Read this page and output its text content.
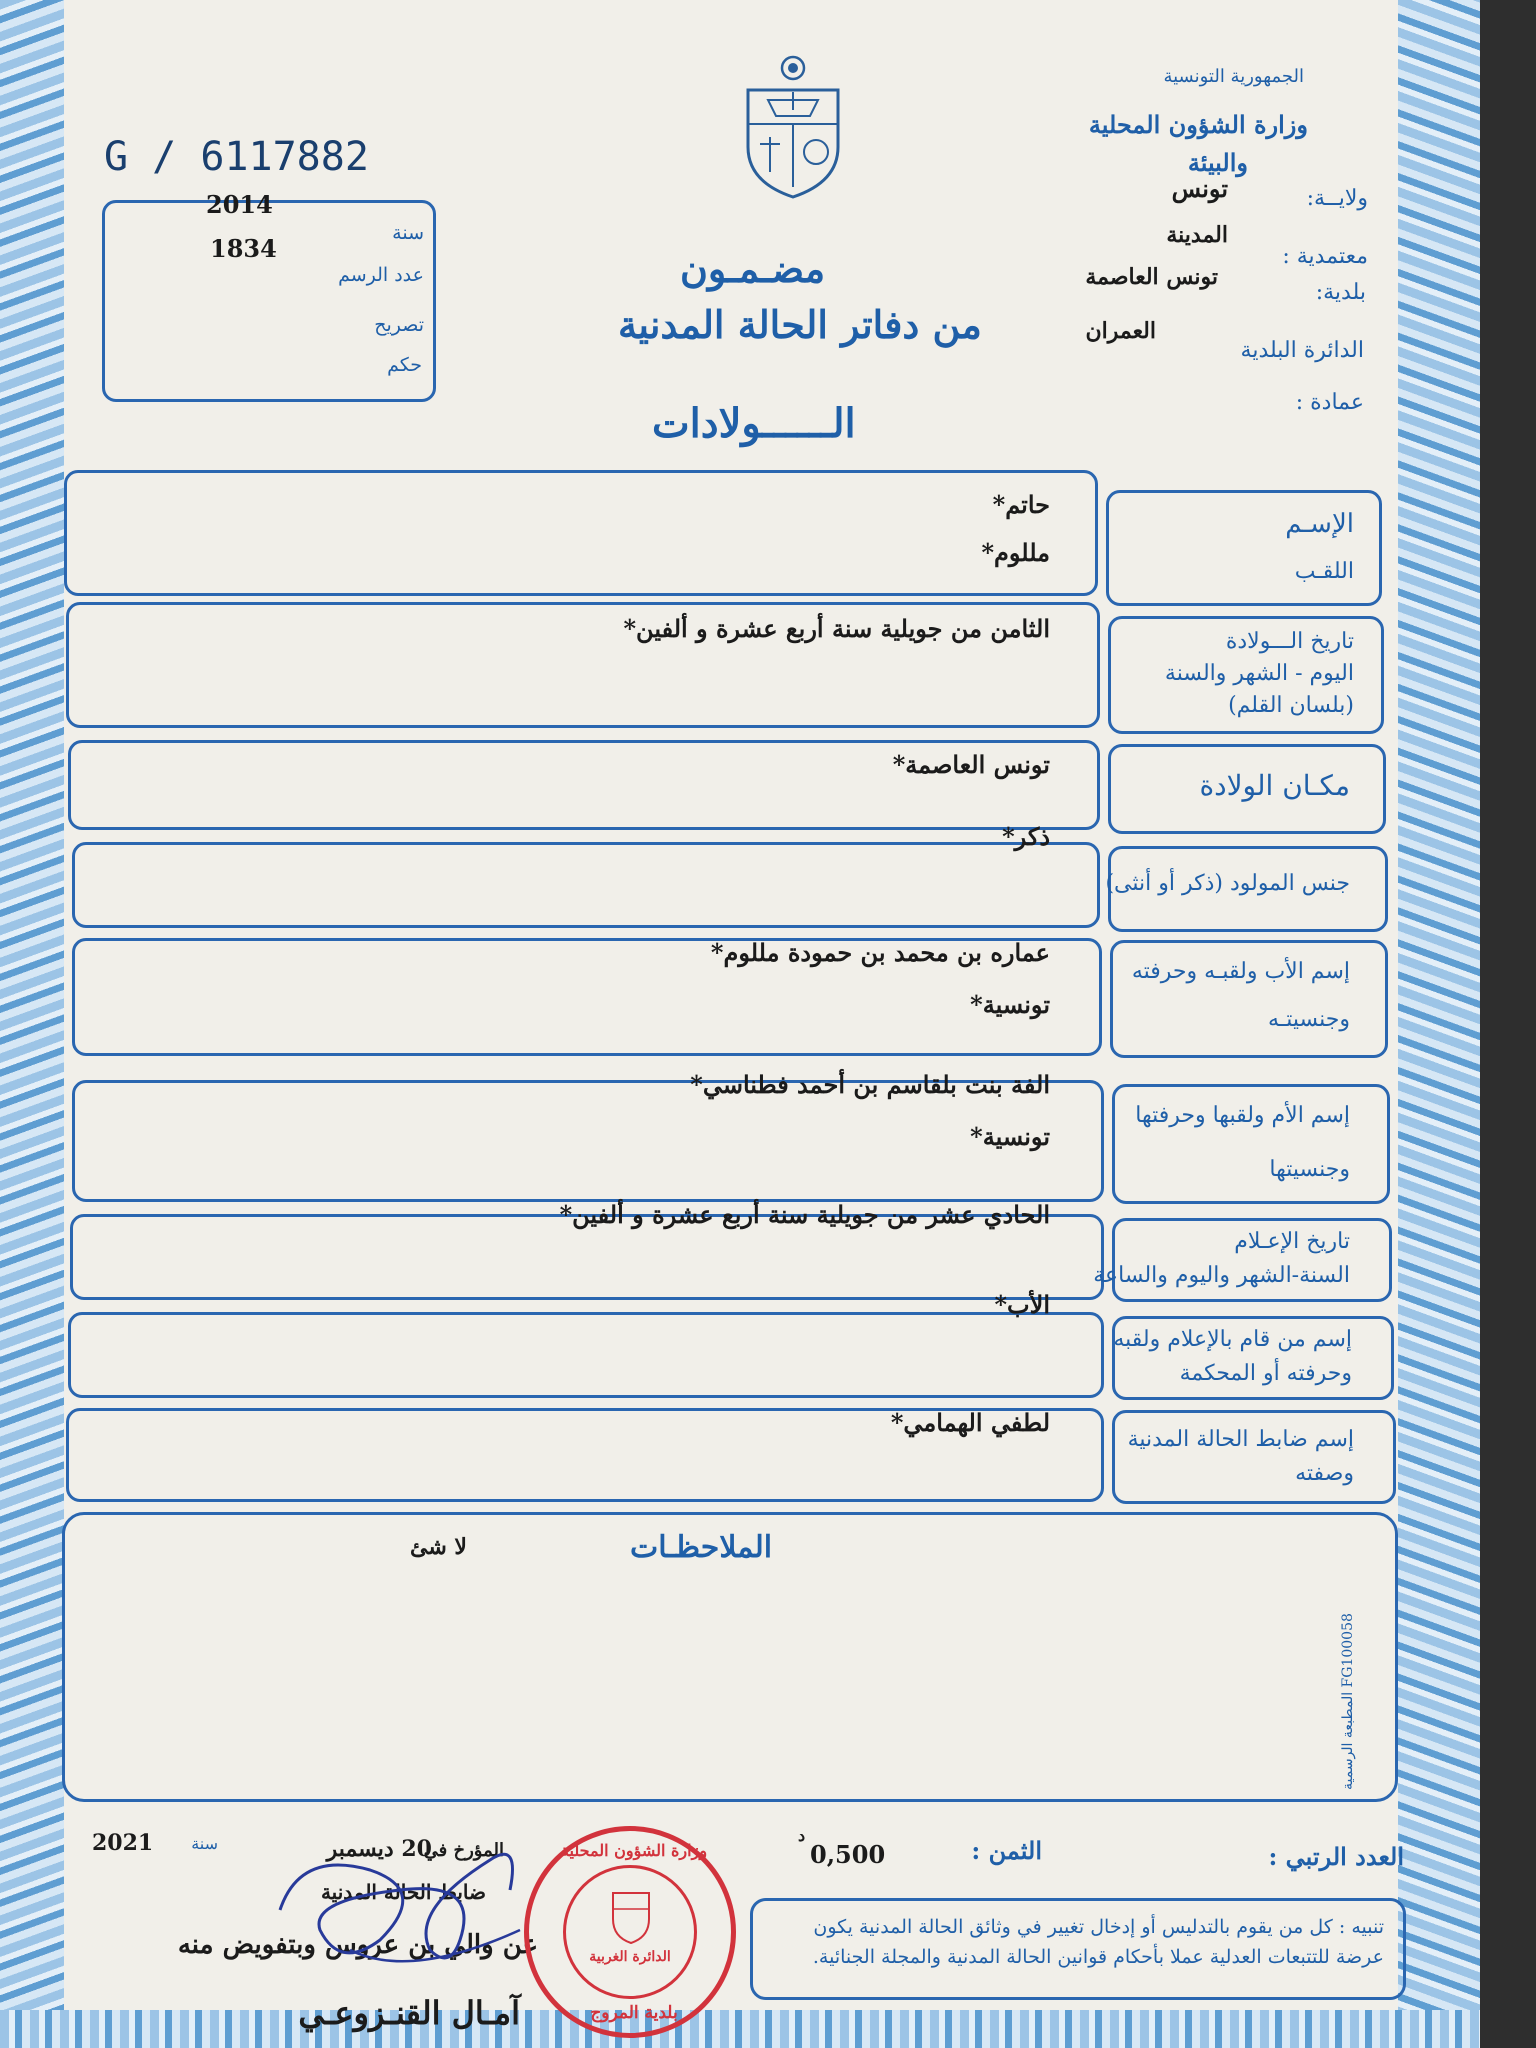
G / 6117882
الجمهورية التونسية
وزارة الشؤون المحلية
والبيئة
ولايــة:
تونس
المدينة
معتمدية :
تونس العاصمة
بلدية:
العمران
الدائرة البلدية
عمادة :
2014
1834
سنة
عدد الرسم
تصريح
حكم
مضـمـون
من دفاتر الحالة المدنية
الــــــولادات
الإسـم
اللقـب
حاتم*
مللوم*
تاريخ الـــولادة
اليوم - الشهر والسنة
(بلسان القلم)
الثامن من جويلية سنة أربع عشرة و ألفين*
مكـان الولادة
تونس العاصمة*
جنس المولود (ذكر أو أنثى)
ذكر*
إسم الأب ولقبـه وحرفته
وجنسيتـه
عماره بن محمد بن حمودة مللوم*
تونسية*
إسم الأم ولقبها وحرفتها
وجنسيتها
الفة بنت بلقاسم بن أحمد فطناسي*
تونسية*
تاريخ الإعـلام
السنة-الشهر واليوم والساعة
الحادي عشر من جويلية سنة أربع عشرة و ألفين*
إسم من قام بالإعلام ولقبه
وحرفته أو المحكمة
الأب*
إسم ضابط الحالة المدنية
وصفته
لطفي الهمامي*
الملاحظـات
لا شئ
المطبعة الرسمية FG100058
العدد الرتبي :
الثمن :
0,500
د
المؤرخ في
20 ديسمبر
سنة
2021
ضابط الحالة المدنية
عن والي بن عروس وبتفويض منه
آمـال القنـزوعـي
وزارة الشؤون المحلية
الدائرة الغربية
بلدية المروج
تنبيه : كل من يقوم بالتدليس أو إدخال تغيير في وثائق الحالة المدنية يكون عرضة للتتبعات العدلية عملا بأحكام قوانين الحالة المدنية والمجلة الجنائية.
